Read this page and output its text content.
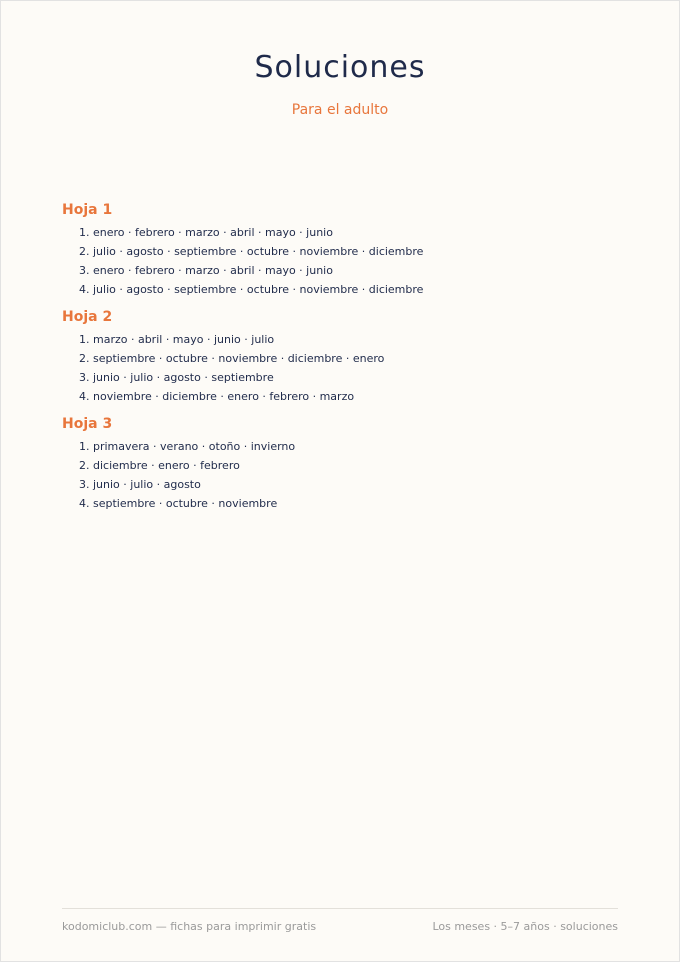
Soluciones
Para el adulto
Hoja 1
1. enero · febrero · marzo · abril · mayo · junio
2. julio · agosto · septiembre · octubre · noviembre · diciembre
3. enero · febrero · marzo · abril · mayo · junio
4. julio · agosto · septiembre · octubre · noviembre · diciembre
Hoja 2
1. marzo · abril · mayo · junio · julio
2. septiembre · octubre · noviembre · diciembre · enero
3. junio · julio · agosto · septiembre
4. noviembre · diciembre · enero · febrero · marzo
Hoja 3
1. primavera · verano · otoño · invierno
2. diciembre · enero · febrero
3. junio · julio · agosto
4. septiembre · octubre · noviembre
kodomiclub.com — fichas para imprimir gratis	Los meses · 5–7 años · soluciones
